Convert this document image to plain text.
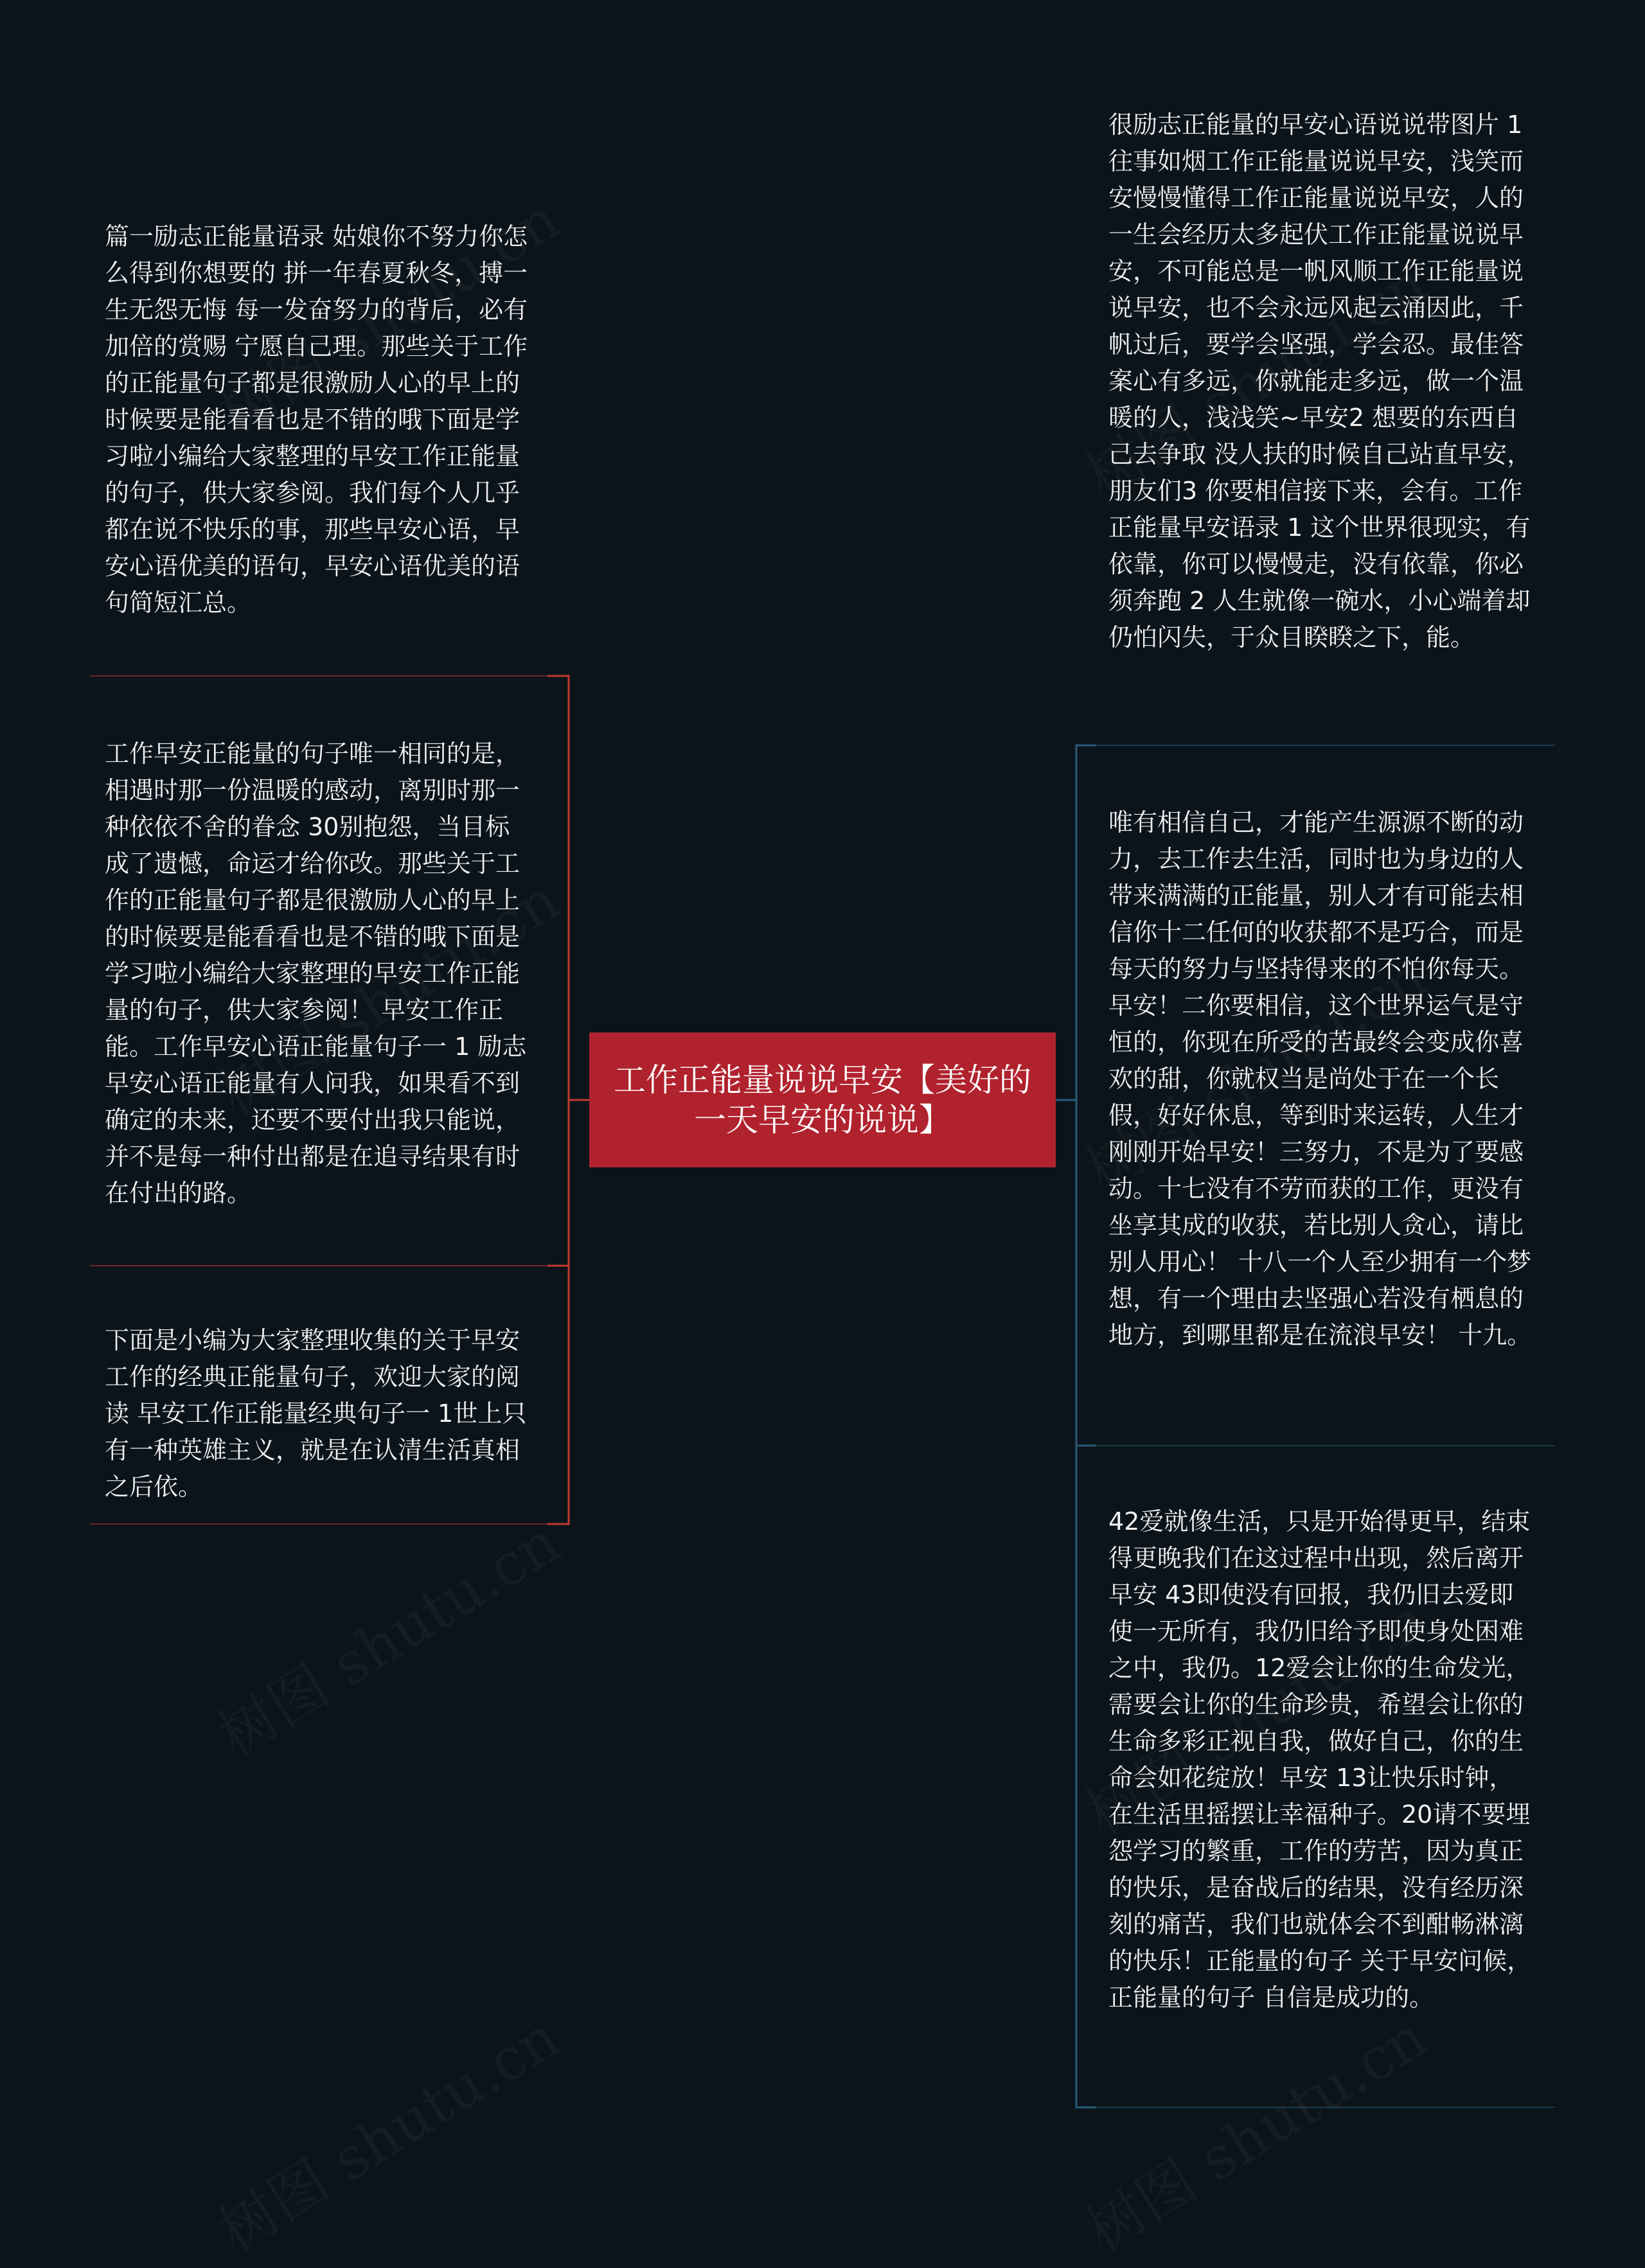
工作正能量说说早安【美好的一天早安的说说】

篇一励志正能量语录 姑娘你不努力你怎么得到你想要的 拼一年春夏秋冬，搏一生无怨无悔 每一发奋努力的背后，必有加倍的赏赐 宁愿自己理。那些关于工作的正能量句子都是很激励人心的早上的时候要是能看看也是不错的哦下面是学习啦小编给大家整理的早安工作正能量的句子，供大家参阅。我们每个人几乎都在说不快乐的事，那些早安心语，早安心语优美的语句，早安心语优美的语句简短汇总。

工作早安正能量的句子唯一相同的是，相遇时那一份温暖的感动，离别时那一种依依不舍的眷念 30别抱怨，当目标成了遗憾，命运才给你改。那些关于工作的正能量句子都是很激励人心的早上的时候要是能看看也是不错的哦下面是学习啦小编给大家整理的早安工作正能量的句子，供大家参阅！ 早安工作正能。工作早安心语正能量句子一 1 励志早安心语正能量有人问我，如果看不到确定的未来，还要不要付出我只能说，并不是每一种付出都是在追寻结果有时在付出的路。

下面是小编为大家整理收集的关于早安工作的经典正能量句子，欢迎大家的阅读 早安工作正能量经典句子一 1世上只有一种英雄主义，就是在认清生活真相之后依。

很励志正能量的早安心语说说带图片 1 往事如烟工作正能量说说早安，浅笑而安慢慢懂得工作正能量说说早安，人的一生会经历太多起伏工作正能量说说早安，不可能总是一帆风顺工作正能量说说早安，也不会永远风起云涌因此，千帆过后，要学会坚强，学会忍。最佳答案心有多远，你就能走多远，做一个温暖的人，浅浅笑~早安2 想要的东西自己去争取 没人扶的时候自己站直早安，朋友们3 你要相信接下来，会有。工作正能量早安语录 1 这个世界很现实，有依靠，你可以慢慢走，没有依靠，你必须奔跑 2 人生就像一碗水，小心端着却仍怕闪失，于众目睽睽之下，能。

唯有相信自己，才能产生源源不断的动力，去工作去生活，同时也为身边的人带来满满的正能量，别人才有可能去相信你十二任何的收获都不是巧合，而是每天的努力与坚持得来的不怕你每天。早安！二你要相信，这个世界运气是守恒的，你现在所受的苦最终会变成你喜欢的甜，你就权当是尚处于在一个长假，好好休息，等到时来运转，人生才刚刚开始早安！三努力，不是为了要感动。十七没有不劳而获的工作，更没有坐享其成的收获，若比别人贪心，请比别人用心！ 十八一个人至少拥有一个梦想，有一个理由去坚强心若没有栖息的地方，到哪里都是在流浪早安！ 十九。

42爱就像生活，只是开始得更早，结束得更晚我们在这过程中出现，然后离开早安 43即使没有回报，我仍旧去爱即使一无所有，我仍旧给予即使身处困难之中，我仍。12爱会让你的生命发光，需要会让你的生命珍贵，希望会让你的生命多彩正视自我，做好自己，你的生命会如花绽放！早安 13让快乐时钟，在生活里摇摆让幸福种子。20请不要埋怨学习的繁重，工作的劳苦，因为真正的快乐，是奋战后的结果，没有经历深刻的痛苦，我们也就体会不到酣畅淋漓的快乐！正能量的句子 关于早安问候，正能量的句子 自信是成功的。
